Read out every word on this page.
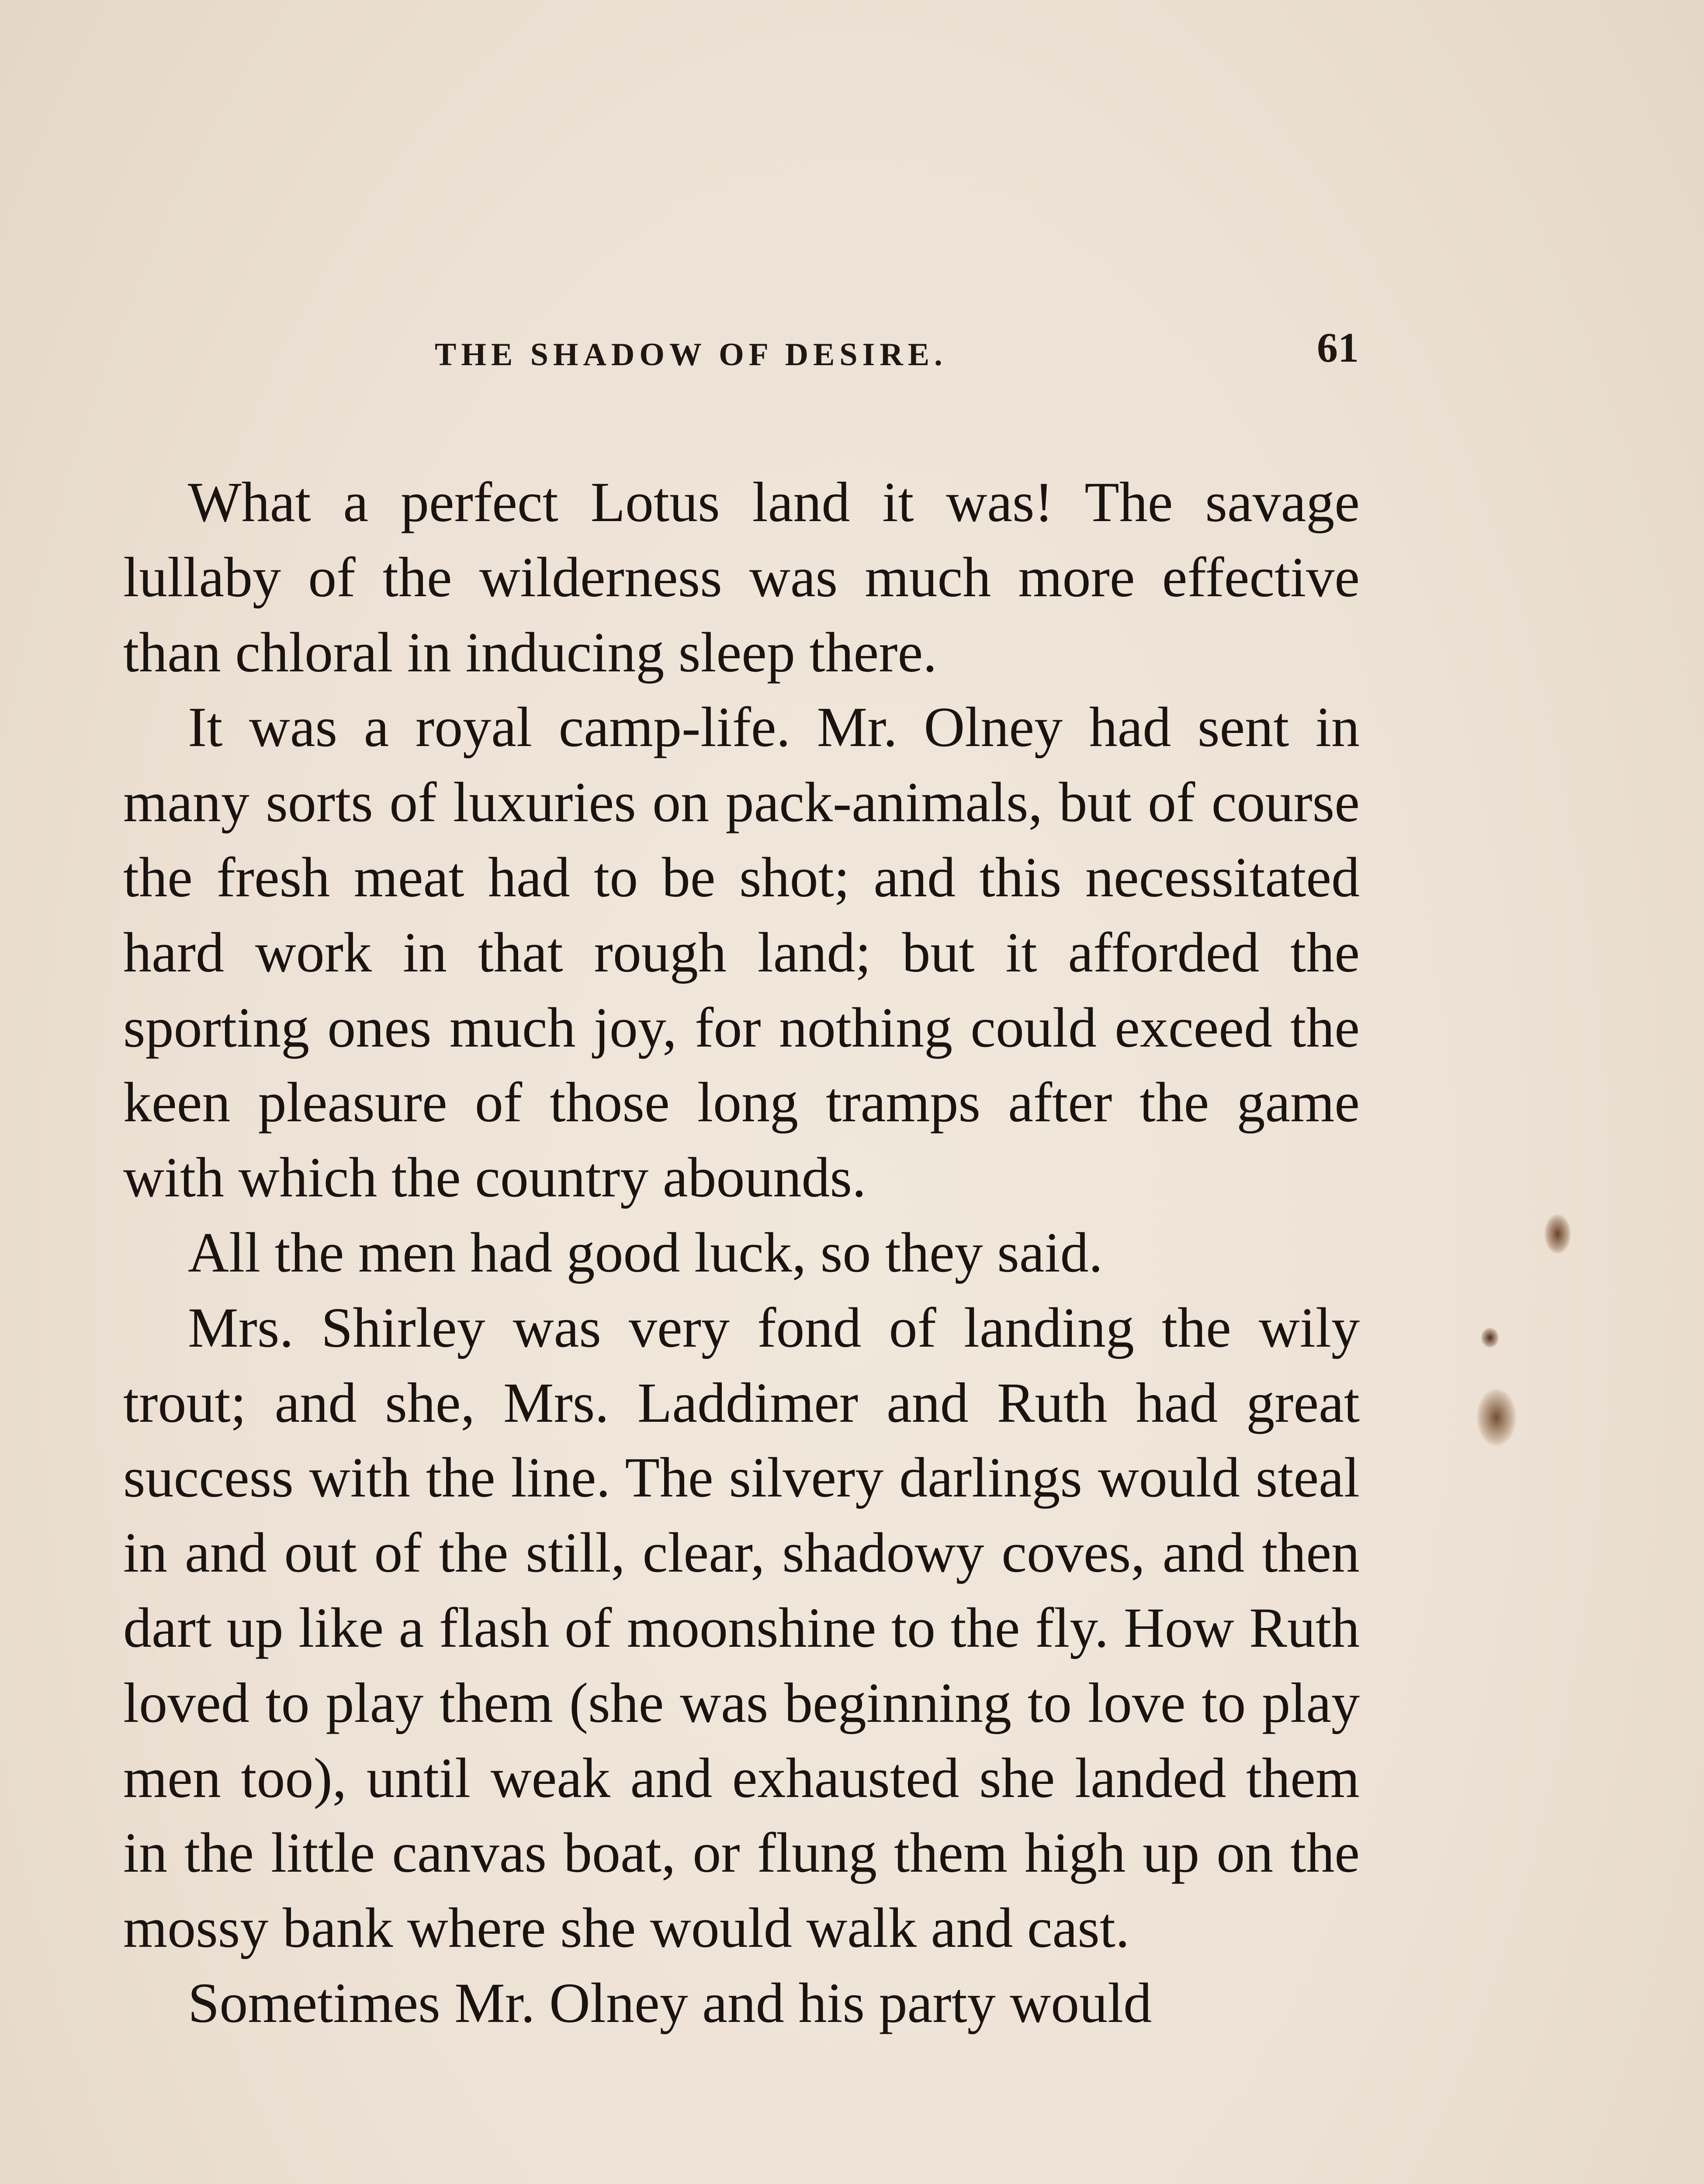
THE SHADOW OF DESIRE.	61

What a perfect Lotus land it was! The savage lullaby of the wilderness was much more effective than chloral in inducing sleep there.

It was a royal camp-life. Mr. Olney had sent in many sorts of luxuries on pack-animals, but of course the fresh meat had to be shot; and this necessitated hard work in that rough land; but it afforded the sporting ones much joy, for nothing could exceed the keen pleasure of those long tramps after the game with which the country abounds.

All the men had good luck, so they said.

Mrs. Shirley was very fond of landing the wily trout; and she, Mrs. Laddimer and Ruth had great success with the line. The silvery darlings would steal in and out of the still, clear, shadowy coves, and then dart up like a flash of moonshine to the fly. How Ruth loved to play them (she was beginning to love to play men too), until weak and exhausted she landed them in the little canvas boat, or flung them high up on the mossy bank where she would walk and cast.

Sometimes Mr. Olney and his party would
